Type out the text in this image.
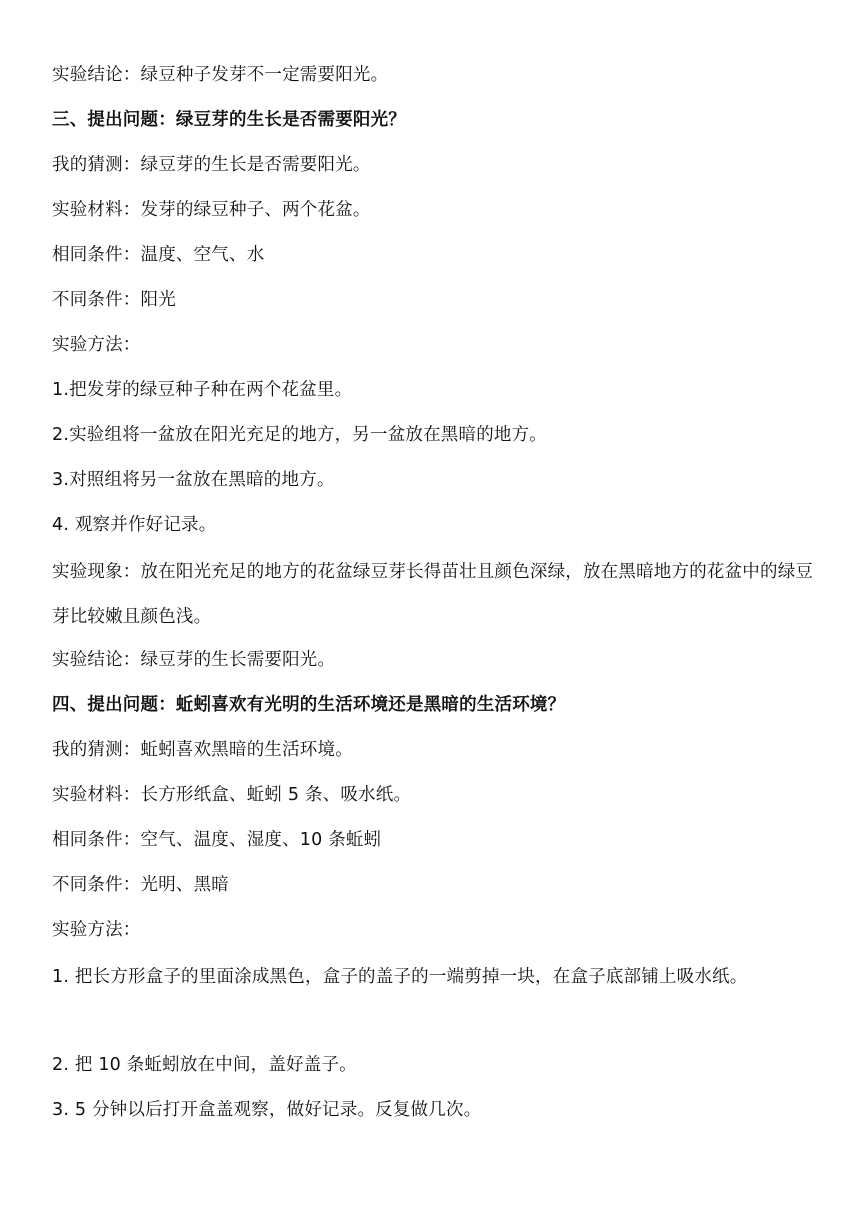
实验结论：绿豆种子发芽不一定需要阳光。
三、提出问题：绿豆芽的生长是否需要阳光？
我的猜测：绿豆芽的生长是否需要阳光。
实验材料：发芽的绿豆种子、两个花盆。
相同条件：温度、空气、水
不同条件：阳光
实验方法：
1.把发芽的绿豆种子种在两个花盆里。
2.实验组将一盆放在阳光充足的地方，另一盆放在黑暗的地方。
3.对照组将另一盆放在黑暗的地方。
4. 观察并作好记录。
实验现象：放在阳光充足的地方的花盆绿豆芽长得苗壮且颜色深绿，放在黑暗地方的花盆中的绿豆芽比较嫩且颜色浅。
实验结论：绿豆芽的生长需要阳光。
四、提出问题：蚯蚓喜欢有光明的生活环境还是黑暗的生活环境？
我的猜测：蚯蚓喜欢黑暗的生活环境。
实验材料：长方形纸盒、蚯蚓 5 条、吸水纸。
相同条件：空气、温度、湿度、10 条蚯蚓
不同条件：光明、黑暗
实验方法：
1. 把长方形盒子的里面涂成黑色，盒子的盖子的一端剪掉一块，在盒子底部铺上吸水纸。
2. 把 10 条蚯蚓放在中间，盖好盖子。
3. 5 分钟以后打开盒盖观察，做好记录。反复做几次。
